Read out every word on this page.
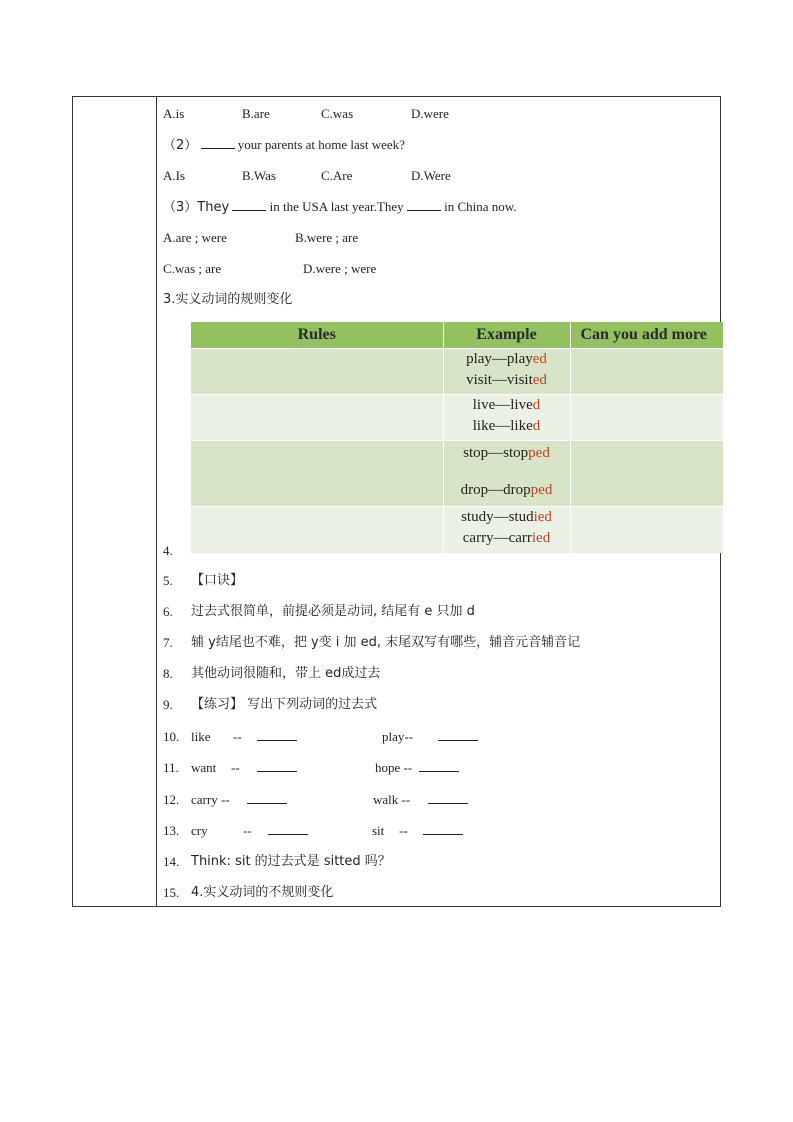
A.is	B.are	C.was	D.were
（2）	your parents at home last week?
A.Is	B.Was	C.Are	D.Were
（3）They	in the USA last year.They	in China now.
A.are ; were	B.were ; are
C.was ; are	D.were ; were
3.实义动词的规则变化
Rules	Example	Can you add more

	play—played
visit—visited	

	live—lived
like—liked	

	stop—stopped
drop—dropped	

	study—studied
carry—carried	

4.
5. 【口诀】
6. 过去式很简单，前提必须是动词, 结尾有 e 只加 d
7. 辅 y结尾也不难，把 y变 i 加 ed, 末尾双写有哪些，辅音元音辅音记
8. 其他动词很随和，带上 ed成过去
9. 【练习】 写出下列动词的过去式
10. like --	play--
11. want --	hope --
12. carry --	walk --
13. cry	--	sit --
14. Think: sit 的过去式是 sitted 吗？
15. 4.实义动词的不规则变化
